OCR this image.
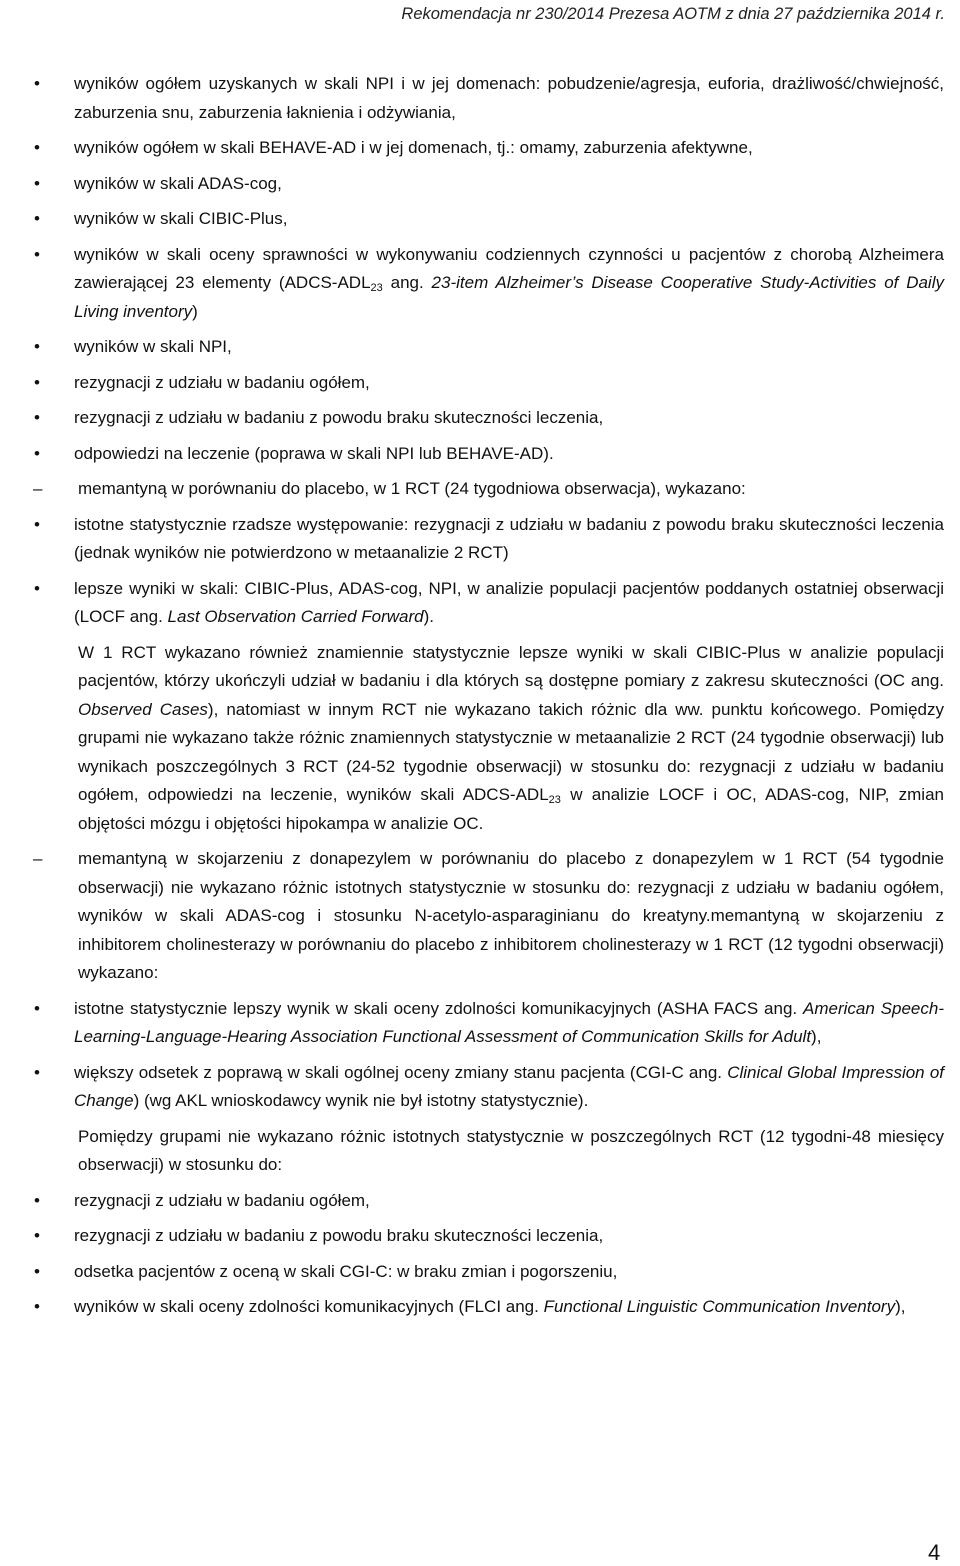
Rekomendacja nr 230/2014 Prezesa AOTM z dnia 27 października 2014 r.
• wyników ogółem uzyskanych w skali NPI i w jej domenach: pobudzenie/agresja, euforia, drażliwość/chwiejność, zaburzenia snu, zaburzenia łaknienia i odżywiania,
• wyników ogółem w skali BEHAVE-AD i w jej domenach, tj.: omamy, zaburzenia afektywne,
• wyników w skali ADAS-cog,
• wyników w skali CIBIC-Plus,
• wyników w skali oceny sprawności w wykonywaniu codziennych czynności u pacjentów z chorobą Alzheimera zawierającej 23 elementy ($ADCS-ADL_{23}$ ang. 23-item Alzheimer’s Disease Cooperative Study-Activities of Daily Living inventory)
• wyników w skali NPI,
• rezygnacji z udziału w badaniu ogółem,
• rezygnacji z udziału w badaniu z powodu braku skuteczności leczenia,
• odpowiedzi na leczenie (poprawa w skali NPI lub BEHAVE-AD).
– memantyną w porównaniu do placebo, w 1 RCT (24 tygodniowa obserwacja), wykazano:
• istotne statystycznie rzadsze występowanie: rezygnacji z udziału w badaniu z powodu braku skuteczności leczenia (jednak wyników nie potwierdzono w metaanalizie 2 RCT)
• lepsze wyniki w skali: CIBIC-Plus, ADAS-cog, NPI, w analizie populacji pacjentów poddanych ostatniej obserwacji (LOCF ang. Last Observation Carried Forward).
W 1 RCT wykazano również znamiennie statystycznie lepsze wyniki w skali CIBIC-Plus w analizie populacji pacjentów, którzy ukończyli udział w badaniu i dla których są dostępne pomiary z zakresu skuteczności (OC ang. Observed Cases), natomiast w innym RCT nie wykazano takich różnic dla ww. punktu końcowego. Pomiędzy grupami nie wykazano także różnic znamiennych statystycznie w metaanalizie 2 RCT (24 tygodnie obserwacji) lub wynikach poszczególnych 3 RCT (24-52 tygodnie obserwacji) w stosunku do: rezygnacji z udziału w badaniu ogółem, odpowiedzi na leczenie, wyników skali ADCS-$ADL_{23}$ w analizie LOCF i OC, ADAS-cog, NIP, zmian objętości mózgu i objętości hipokampa w analizie OC.
– memantyną w skojarzeniu z donapezylem w porównaniu do placebo z donapezylem w 1 RCT (54 tygodnie obserwacji) nie wykazano różnic istotnych statystycznie w stosunku do: rezygnacji z udziału w badaniu ogółem, wyników w skali ADAS-cog i stosunku N-acetylo-asparaginianu do kreatyny.memantyną w skojarzeniu z inhibitorem cholinesterazy w porównaniu do placebo z inhibitorem cholinesterazy w 1 RCT (12 tygodni obserwacji) wykazano:
• istotne statystycznie lepszy wynik w skali oceny zdolności komunikacyjnych (ASHA FACS ang. American Speech-Learning-Language-Hearing Association Functional Assessment of Communication Skills for Adult),
• większy odsetek z poprawą w skali ogólnej oceny zmiany stanu pacjenta (CGI-C ang. Clinical Global Impression of Change) (wg AKL wnioskodawcy wynik nie był istotny statystycznie).
Pomiędzy grupami nie wykazano różnic istotnych statystycznie w poszczególnych RCT (12 tygodni-48 miesięcy obserwacji) w stosunku do:
• rezygnacji z udziału w badaniu ogółem,
• rezygnacji z udziału w badaniu z powodu braku skuteczności leczenia,
• odsetka pacjentów z oceną w skali CGI-C: w braku zmian i pogorszeniu,
• wyników w skali oceny zdolności komunikacyjnych (FLCI ang. Functional Linguistic Communication Inventory),
4
